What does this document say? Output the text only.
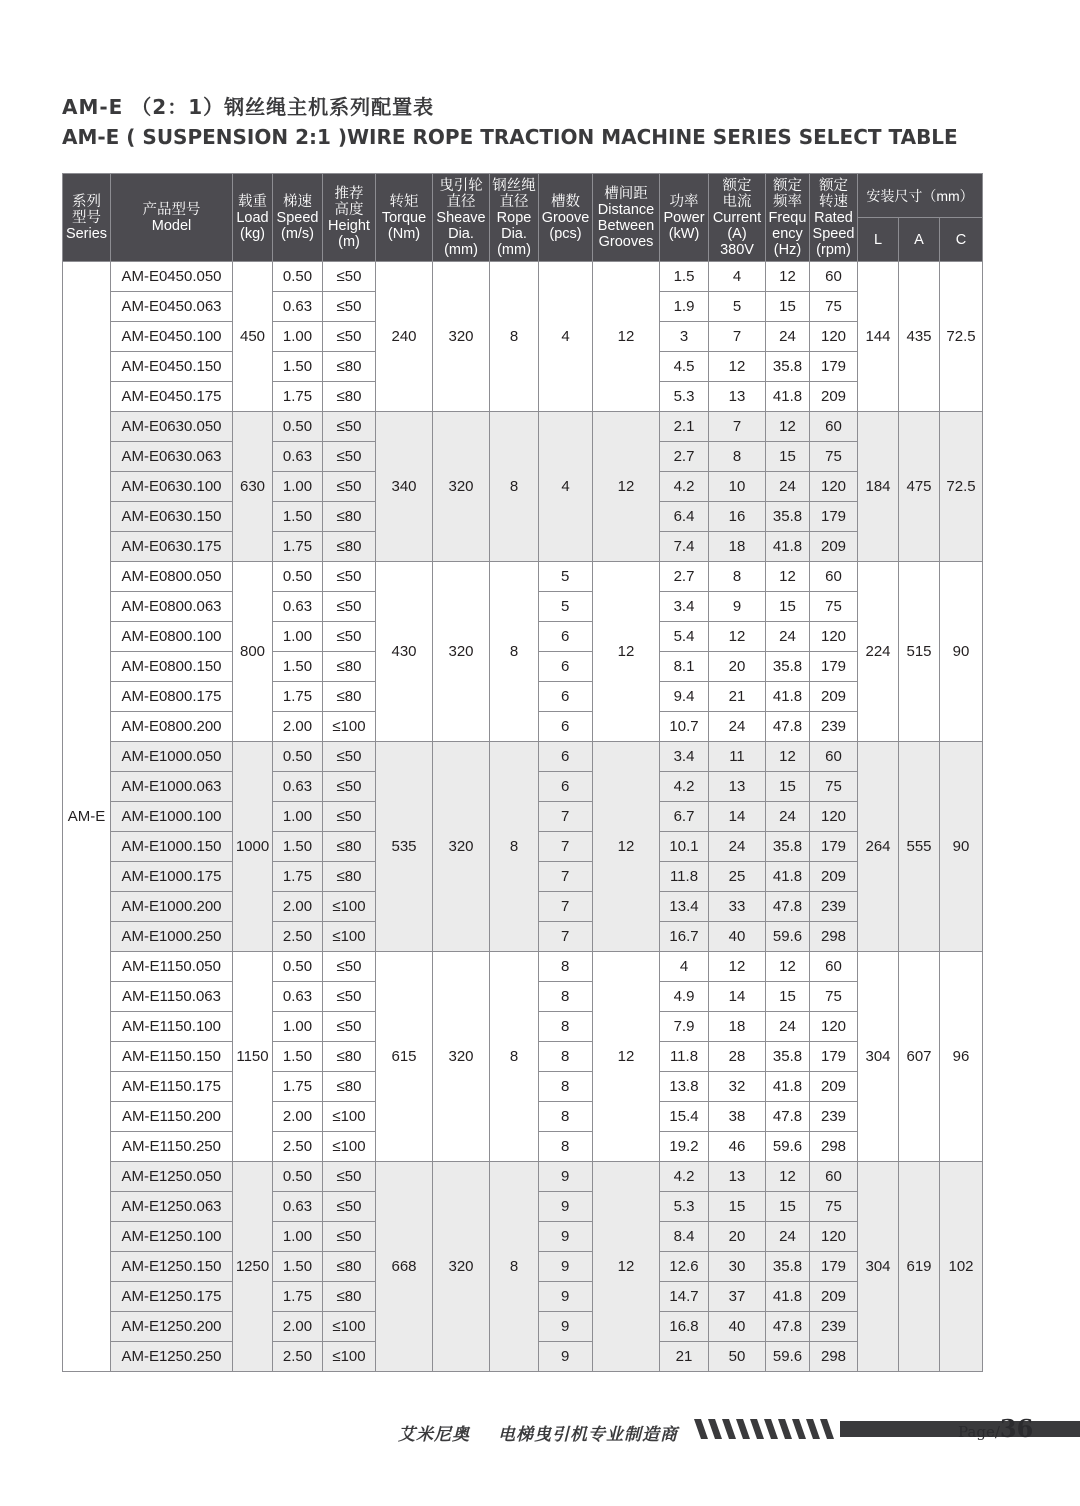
AM-E （2：1）钢丝绳主机系列配置表
AM-E ( SUSPENSION 2:1 )WIRE ROPE TRACTION MACHINE SERIES SELECT TABLE
系列
型号
Series	产品型号
Model	载重
Load
(kg)	梯速
Speed
(m/s)	推荐
高度
Height
(m)	转矩
Torque
(Nm)	曳引轮
直径
Sheave
Dia.
(mm)	钢丝绳
直径
Rope
Dia.
(mm)	槽数
Groove
(pcs)	槽间距
Distance
Between
Grooves	功率
Power
(kW)	额定
电流
Current
(A)
380V	额定
频率
Frequ
ency
(Hz)	额定
转速
Rated
Speed
(rpm)	安装尺寸（mm）		
														L	A	C
AM-E	AM-E0450.050	450	0.50	≤50	240	320	8	4	12	1.5	4	12	60	144	435	72.5
	AM-E0450.063		0.63	≤50						1.9	5	15	75			
	AM-E0450.100		1.00	≤50						3	7	24	120			
	AM-E0450.150		1.50	≤80						4.5	12	35.8	179			
	AM-E0450.175		1.75	≤80						5.3	13	41.8	209			
	AM-E0630.050	630	0.50	≤50	340	320	8	4	12	2.1	7	12	60	184	475	72.5
	AM-E0630.063		0.63	≤50						2.7	8	15	75			
	AM-E0630.100		1.00	≤50						4.2	10	24	120			
	AM-E0630.150		1.50	≤80						6.4	16	35.8	179			
	AM-E0630.175		1.75	≤80						7.4	18	41.8	209			
	AM-E0800.050	800	0.50	≤50	430	320	8	5	12	2.7	8	12	60	224	515	90
	AM-E0800.063		0.63	≤50				5		3.4	9	15	75			
	AM-E0800.100		1.00	≤50				6		5.4	12	24	120			
	AM-E0800.150		1.50	≤80				6		8.1	20	35.8	179			
	AM-E0800.175		1.75	≤80				6		9.4	21	41.8	209			
	AM-E0800.200		2.00	≤100				6		10.7	24	47.8	239			
	AM-E1000.050	1000	0.50	≤50	535	320	8	6	12	3.4	11	12	60	264	555	90
	AM-E1000.063		0.63	≤50				6		4.2	13	15	75			
	AM-E1000.100		1.00	≤50				7		6.7	14	24	120			
	AM-E1000.150		1.50	≤80				7		10.1	24	35.8	179			
	AM-E1000.175		1.75	≤80				7		11.8	25	41.8	209			
	AM-E1000.200		2.00	≤100				7		13.4	33	47.8	239			
	AM-E1000.250		2.50	≤100				7		16.7	40	59.6	298			
	AM-E1150.050	1150	0.50	≤50	615	320	8	8	12	4	12	12	60	304	607	96
	AM-E1150.063		0.63	≤50				8		4.9	14	15	75			
	AM-E1150.100		1.00	≤50				8		7.9	18	24	120			
	AM-E1150.150		1.50	≤80				8		11.8	28	35.8	179			
	AM-E1150.175		1.75	≤80				8		13.8	32	41.8	209			
	AM-E1150.200		2.00	≤100				8		15.4	38	47.8	239			
	AM-E1150.250		2.50	≤100				8		19.2	46	59.6	298			
	AM-E1250.050	1250	0.50	≤50	668	320	8	9	12	4.2	13	12	60	304	619	102
	AM-E1250.063		0.63	≤50				9		5.3	15	15	75			
	AM-E1250.100		1.00	≤50				9		8.4	20	24	120			
	AM-E1250.150		1.50	≤80				9		12.6	30	35.8	179			
	AM-E1250.175		1.75	≤80				9		14.7	37	41.8	209			
	AM-E1250.200		2.00	≤100				9		16.8	40	47.8	239			
	AM-E1250.250		2.50	≤100				9		21	50	59.6	298			
艾米尼奥 电梯曳引机专业制造商	Page/36
